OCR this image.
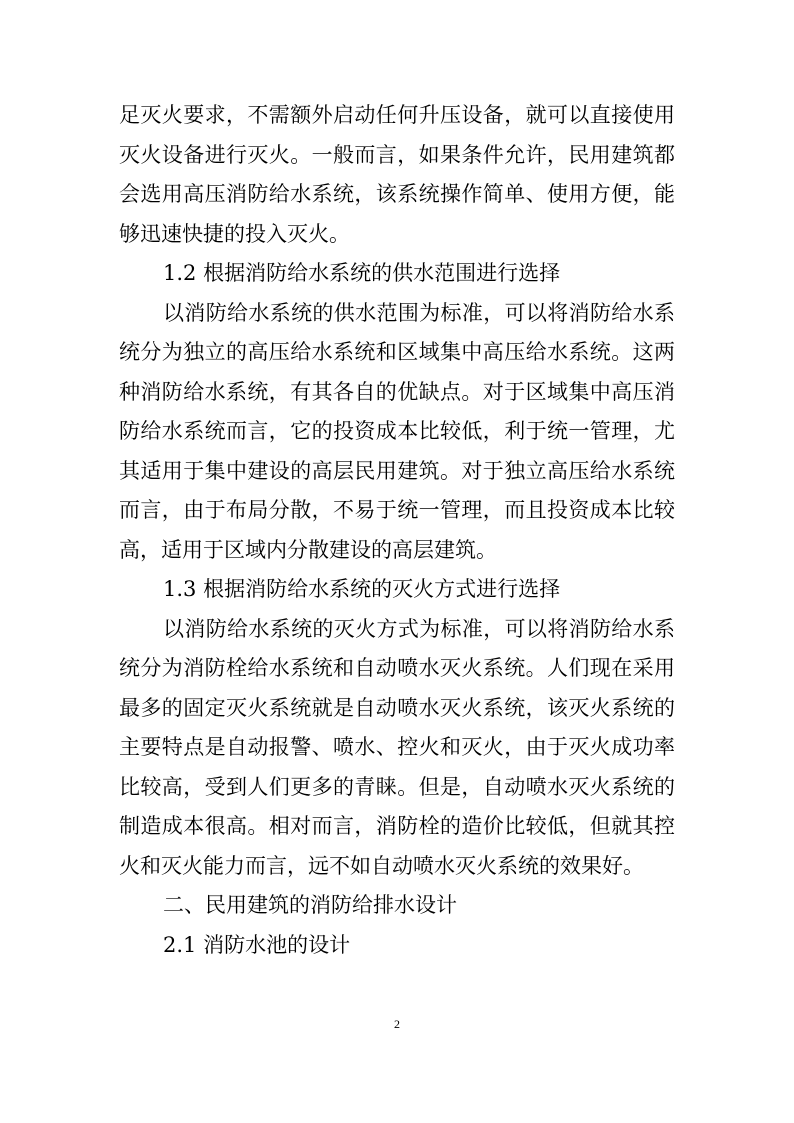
足灭火要求，不需额外启动任何升压设备，就可以直接使用
灭火设备进行灭火。一般而言，如果条件允许，民用建筑都
会选用高压消防给水系统，该系统操作简单、使用方便，能
够迅速快捷的投入灭火。
1.2 根据消防给水系统的供水范围进行选择
以消防给水系统的供水范围为标准，可以将消防给水系
统分为独立的高压给水系统和区域集中高压给水系统。这两
种消防给水系统，有其各自的优缺点。对于区域集中高压消
防给水系统而言，它的投资成本比较低，利于统一管理，尤
其适用于集中建设的高层民用建筑。对于独立高压给水系统
而言，由于布局分散，不易于统一管理，而且投资成本比较
高，适用于区域内分散建设的高层建筑。
1.3 根据消防给水系统的灭火方式进行选择
以消防给水系统的灭火方式为标准，可以将消防给水系
统分为消防栓给水系统和自动喷水灭火系统。人们现在采用
最多的固定灭火系统就是自动喷水灭火系统，该灭火系统的
主要特点是自动报警、喷水、控火和灭火，由于灭火成功率
比较高，受到人们更多的青睐。但是，自动喷水灭火系统的
制造成本很高。相对而言，消防栓的造价比较低，但就其控
火和灭火能力而言，远不如自动喷水灭火系统的效果好。
二、民用建筑的消防给排水设计
2.1 消防水池的设计
2
